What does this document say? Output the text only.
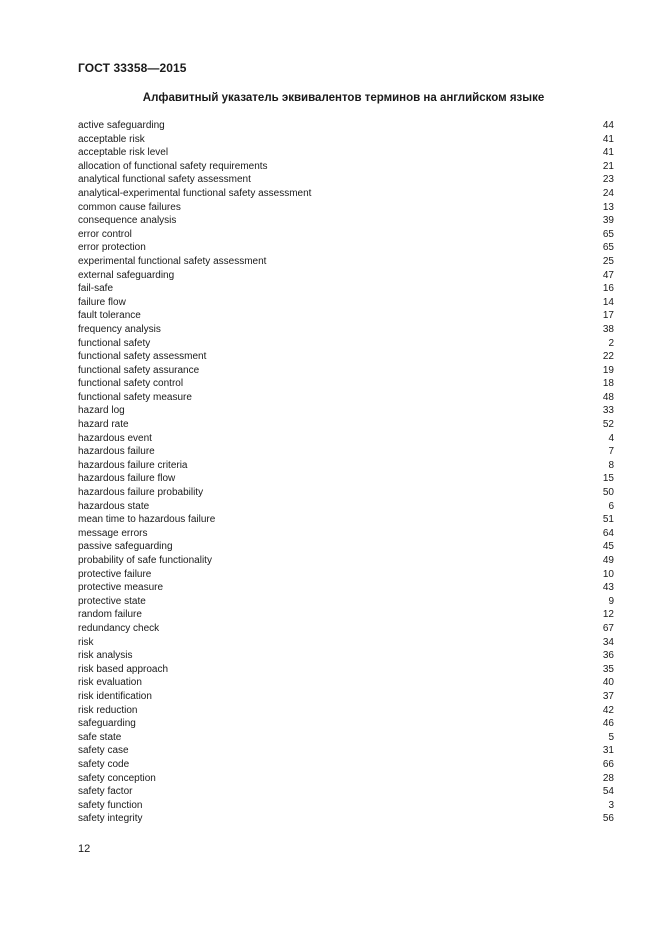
ГОСТ 33358—2015
Алфавитный указатель эквивалентов терминов на английском языке
active safeguarding	44
acceptable risk	41
acceptable risk level	41
allocation of functional safety requirements	21
analytical functional safety assessment	23
analytical-experimental functional safety assessment	24
common cause failures	13
consequence analysis	39
error control	65
error protection	65
experimental functional safety assessment	25
external safeguarding	47
fail-safe	16
failure flow	14
fault tolerance	17
frequency analysis	38
functional safety	2
functional safety assessment	22
functional safety assurance	19
functional safety control	18
functional safety measure	48
hazard log	33
hazard rate	52
hazardous event	4
hazardous failure	7
hazardous failure criteria	8
hazardous failure flow	15
hazardous failure probability	50
hazardous state	6
mean time to hazardous failure	51
message errors	64
passive safeguarding	45
probability of safe functionality	49
protective failure	10
protective measure	43
protective state	9
random failure	12
redundancy check	67
risk	34
risk analysis	36
risk based approach	35
risk evaluation	40
risk identification	37
risk reduction	42
safeguarding	46
safe state	5
safety case	31
safety code	66
safety conception	28
safety factor	54
safety function	3
safety integrity	56
12
